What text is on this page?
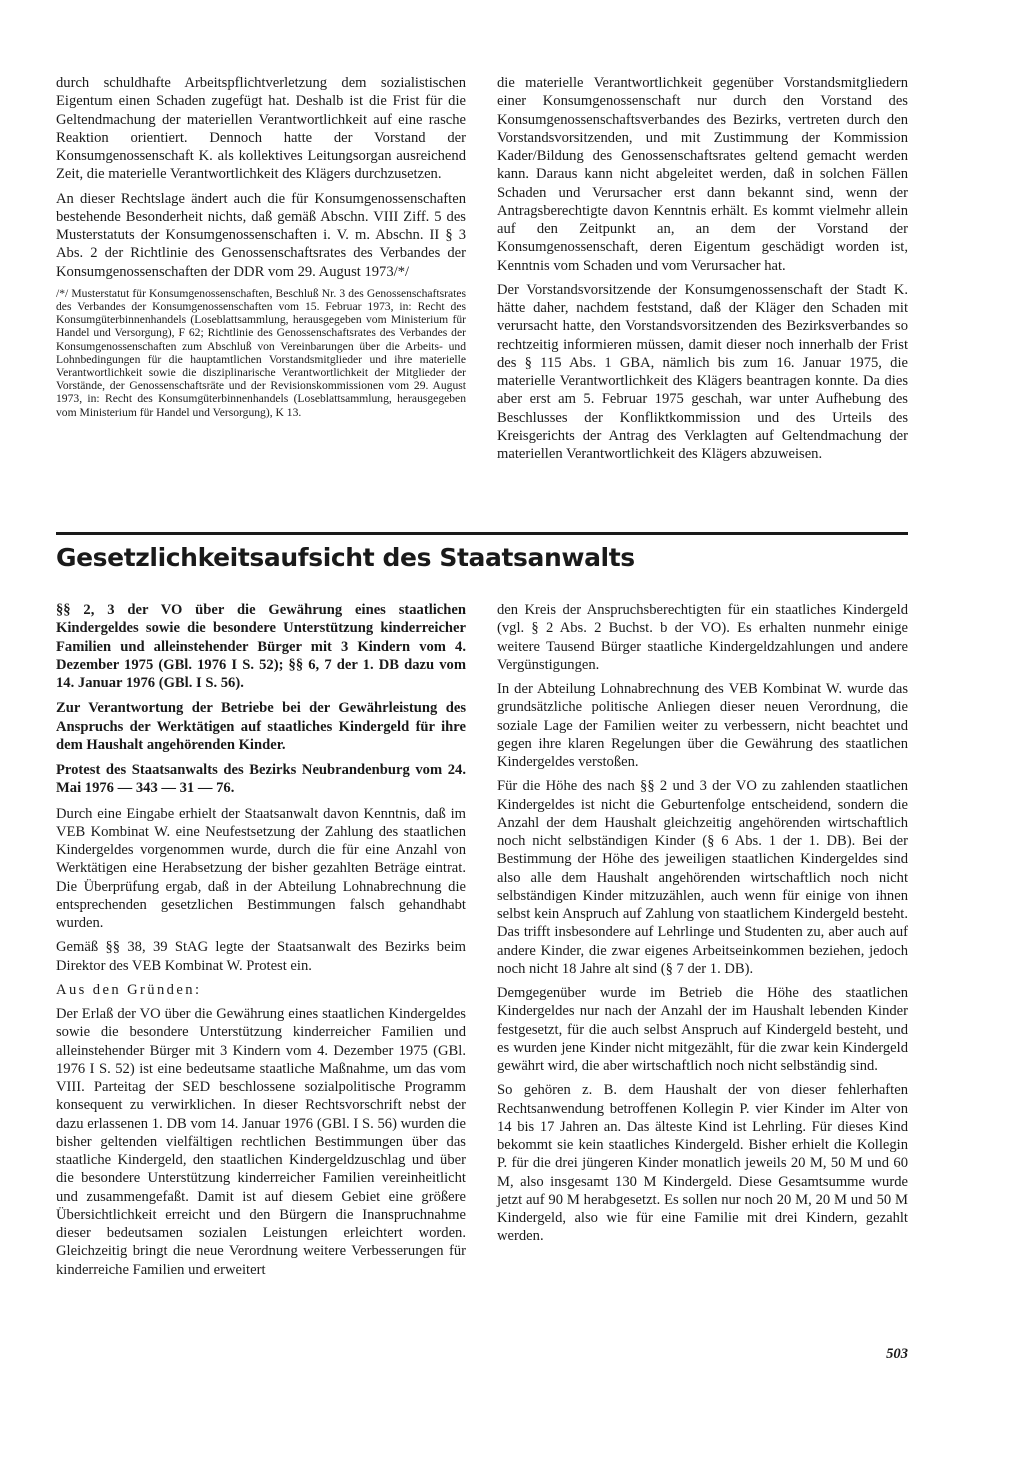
durch schuldhafte Arbeitspflichtverletzung dem sozialistischen Eigentum einen Schaden zugefügt hat. Deshalb ist die Frist für die Geltendmachung der materiellen Verantwortlichkeit auf eine rasche Reaktion orientiert. Dennoch hatte der Vorstand der Konsumgenossenschaft K. als kollektives Leitungsorgan ausreichend Zeit, die materielle Verantwortlichkeit des Klägers durchzusetzen.

An dieser Rechtslage ändert auch die für Konsumgenossenschaften bestehende Besonderheit nichts, daß gemäß Abschn. VIII Ziff. 5 des Musterstatuts der Konsumgenossenschaften i. V. m. Abschn. II § 3 Abs. 2 der Richtlinie des Genossenschaftsrates des Verbandes der Konsumgenossenschaften der DDR vom 29. August 1973/*/

/*/ Musterstatut für Konsumgenossenschaften, Beschluß Nr. 3 des Genossenschaftsrates des Verbandes der Konsumgenossenschaften vom 15. Februar 1973, in: Recht des Konsumgüterbinnenhandels (Loseblattsammlung, herausgegeben vom Ministerium für Handel und Versorgung), F 62; Richtlinie des Genossenschaftsrates des Verbandes der Konsumgenossenschaften zum Abschluß von Vereinbarungen über die Arbeits- und Lohnbedingungen für die hauptamtlichen Vorstandsmitglieder und ihre materielle Verantwortlichkeit sowie die disziplinarische Verantwortlichkeit der Mitglieder der Vorstände, der Genossenschaftsräte und der Revisionskommissionen vom 29. August 1973, in: Recht des Konsumgüterbinnenhandels (Loseblattsammlung, herausgegeben vom Ministerium für Handel und Versorgung), K 13.

die materielle Verantwortlichkeit gegenüber Vorstandsmitgliedern einer Konsumgenossenschaft nur durch den Vorstand des Konsumgenossenschaftsverbandes des Bezirks, vertreten durch den Vorstandsvorsitzenden, und mit Zustimmung der Kommission Kader/Bildung des Genossenschaftsrates geltend gemacht werden kann. Daraus kann nicht abgeleitet werden, daß in solchen Fällen Schaden und Verursacher erst dann bekannt sind, wenn der Antragsberechtigte davon Kenntnis erhält. Es kommt vielmehr allein auf den Zeitpunkt an, an dem der Vorstand der Konsumgenossenschaft, deren Eigentum geschädigt worden ist, Kenntnis vom Schaden und vom Verursacher hat.

Der Vorstandsvorsitzende der Konsumgenossenschaft der Stadt K. hätte daher, nachdem feststand, daß der Kläger den Schaden mit verursacht hatte, den Vorstandsvorsitzenden des Bezirksverbandes so rechtzeitig informieren müssen, damit dieser noch innerhalb der Frist des § 115 Abs. 1 GBA, nämlich bis zum 16. Januar 1975, die materielle Verantwortlichkeit des Klägers beantragen konnte. Da dies aber erst am 5. Februar 1975 geschah, war unter Aufhebung des Beschlusses der Konfliktkommission und des Urteils des Kreisgerichts der Antrag des Verklagten auf Geltendmachung der materiellen Verantwortlichkeit des Klägers abzuweisen.

Gesetzlichkeitsaufsicht des Staatsanwalts

§§ 2, 3 der VO über die Gewährung eines staatlichen Kindergeldes sowie die besondere Unterstützung kinderreicher Familien und alleinstehender Bürger mit 3 Kindern vom 4. Dezember 1975 (GBl. 1976 I S. 52); §§ 6, 7 der 1. DB dazu vom 14. Januar 1976 (GBl. I S. 56).

Zur Verantwortung der Betriebe bei der Gewährleistung des Anspruchs der Werktätigen auf staatliches Kindergeld für ihre dem Haushalt angehörenden Kinder.

Protest des Staatsanwalts des Bezirks Neubrandenburg vom 24. Mai 1976 — 343 — 31 — 76.

Durch eine Eingabe erhielt der Staatsanwalt davon Kenntnis, daß im VEB Kombinat W. eine Neufestsetzung der Zahlung des staatlichen Kindergeldes vorgenommen wurde, durch die für eine Anzahl von Werktätigen eine Herabsetzung der bisher gezahlten Beträge eintrat. Die Überprüfung ergab, daß in der Abteilung Lohnabrechnung die entsprechenden gesetzlichen Bestimmungen falsch gehandhabt wurden.

Gemäß §§ 38, 39 StAG legte der Staatsanwalt des Bezirks beim Direktor des VEB Kombinat W. Protest ein.

Aus den Gründen:

Der Erlaß der VO über die Gewährung eines staatlichen Kindergeldes sowie die besondere Unterstützung kinderreicher Familien und alleinstehender Bürger mit 3 Kindern vom 4. Dezember 1975 (GBl. 1976 I S. 52) ist eine bedeutsame staatliche Maßnahme, um das vom VIII. Parteitag der SED beschlossene sozialpolitische Programm konsequent zu verwirklichen. In dieser Rechtsvorschrift nebst der dazu erlassenen 1. DB vom 14. Januar 1976 (GBl. I S. 56) wurden die bisher geltenden vielfältigen rechtlichen Bestimmungen über das staatliche Kindergeld, den staatlichen Kindergeldzuschlag und über die besondere Unterstützung kinderreicher Familien vereinheitlicht und zusammengefaßt. Damit ist auf diesem Gebiet eine größere Übersichtlichkeit erreicht und den Bürgern die Inanspruchnahme dieser bedeutsamen sozialen Leistungen erleichtert worden. Gleichzeitig bringt die neue Verordnung weitere Verbesserungen für kinderreiche Familien und erweitert

den Kreis der Anspruchsberechtigten für ein staatliches Kindergeld (vgl. § 2 Abs. 2 Buchst. b der VO). Es erhalten nunmehr einige weitere Tausend Bürger staatliche Kindergeldzahlungen und andere Vergünstigungen.

In der Abteilung Lohnabrechnung des VEB Kombinat W. wurde das grundsätzliche politische Anliegen dieser neuen Verordnung, die soziale Lage der Familien weiter zu verbessern, nicht beachtet und gegen ihre klaren Regelungen über die Gewährung des staatlichen Kindergeldes verstoßen.

Für die Höhe des nach §§ 2 und 3 der VO zu zahlenden staatlichen Kindergeldes ist nicht die Geburtenfolge entscheidend, sondern die Anzahl der dem Haushalt gleichzeitig angehörenden wirtschaftlich noch nicht selbständigen Kinder (§ 6 Abs. 1 der 1. DB). Bei der Bestimmung der Höhe des jeweiligen staatlichen Kindergeldes sind also alle dem Haushalt angehörenden wirtschaftlich noch nicht selbständigen Kinder mitzuzählen, auch wenn für einige von ihnen selbst kein Anspruch auf Zahlung von staatlichem Kindergeld besteht. Das trifft insbesondere auf Lehrlinge und Studenten zu, aber auch auf andere Kinder, die zwar eigenes Arbeitseinkommen beziehen, jedoch noch nicht 18 Jahre alt sind (§ 7 der 1. DB).

Demgegenüber wurde im Betrieb die Höhe des staatlichen Kindergeldes nur nach der Anzahl der im Haushalt lebenden Kinder festgesetzt, für die auch selbst Anspruch auf Kindergeld besteht, und es wurden jene Kinder nicht mitgezählt, für die zwar kein Kindergeld gewährt wird, die aber wirtschaftlich noch nicht selbständig sind.

So gehören z. B. dem Haushalt der von dieser fehlerhaften Rechtsanwendung betroffenen Kollegin P. vier Kinder im Alter von 14 bis 17 Jahren an. Das älteste Kind ist Lehrling. Für dieses Kind bekommt sie kein staatliches Kindergeld. Bisher erhielt die Kollegin P. für die drei jüngeren Kinder monatlich jeweils 20 M, 50 M und 60 M, also insgesamt 130 M Kindergeld. Diese Gesamtsumme wurde jetzt auf 90 M herabgesetzt. Es sollen nur noch 20 M, 20 M und 50 M Kindergeld, also wie für eine Familie mit drei Kindern, gezahlt werden.

503
